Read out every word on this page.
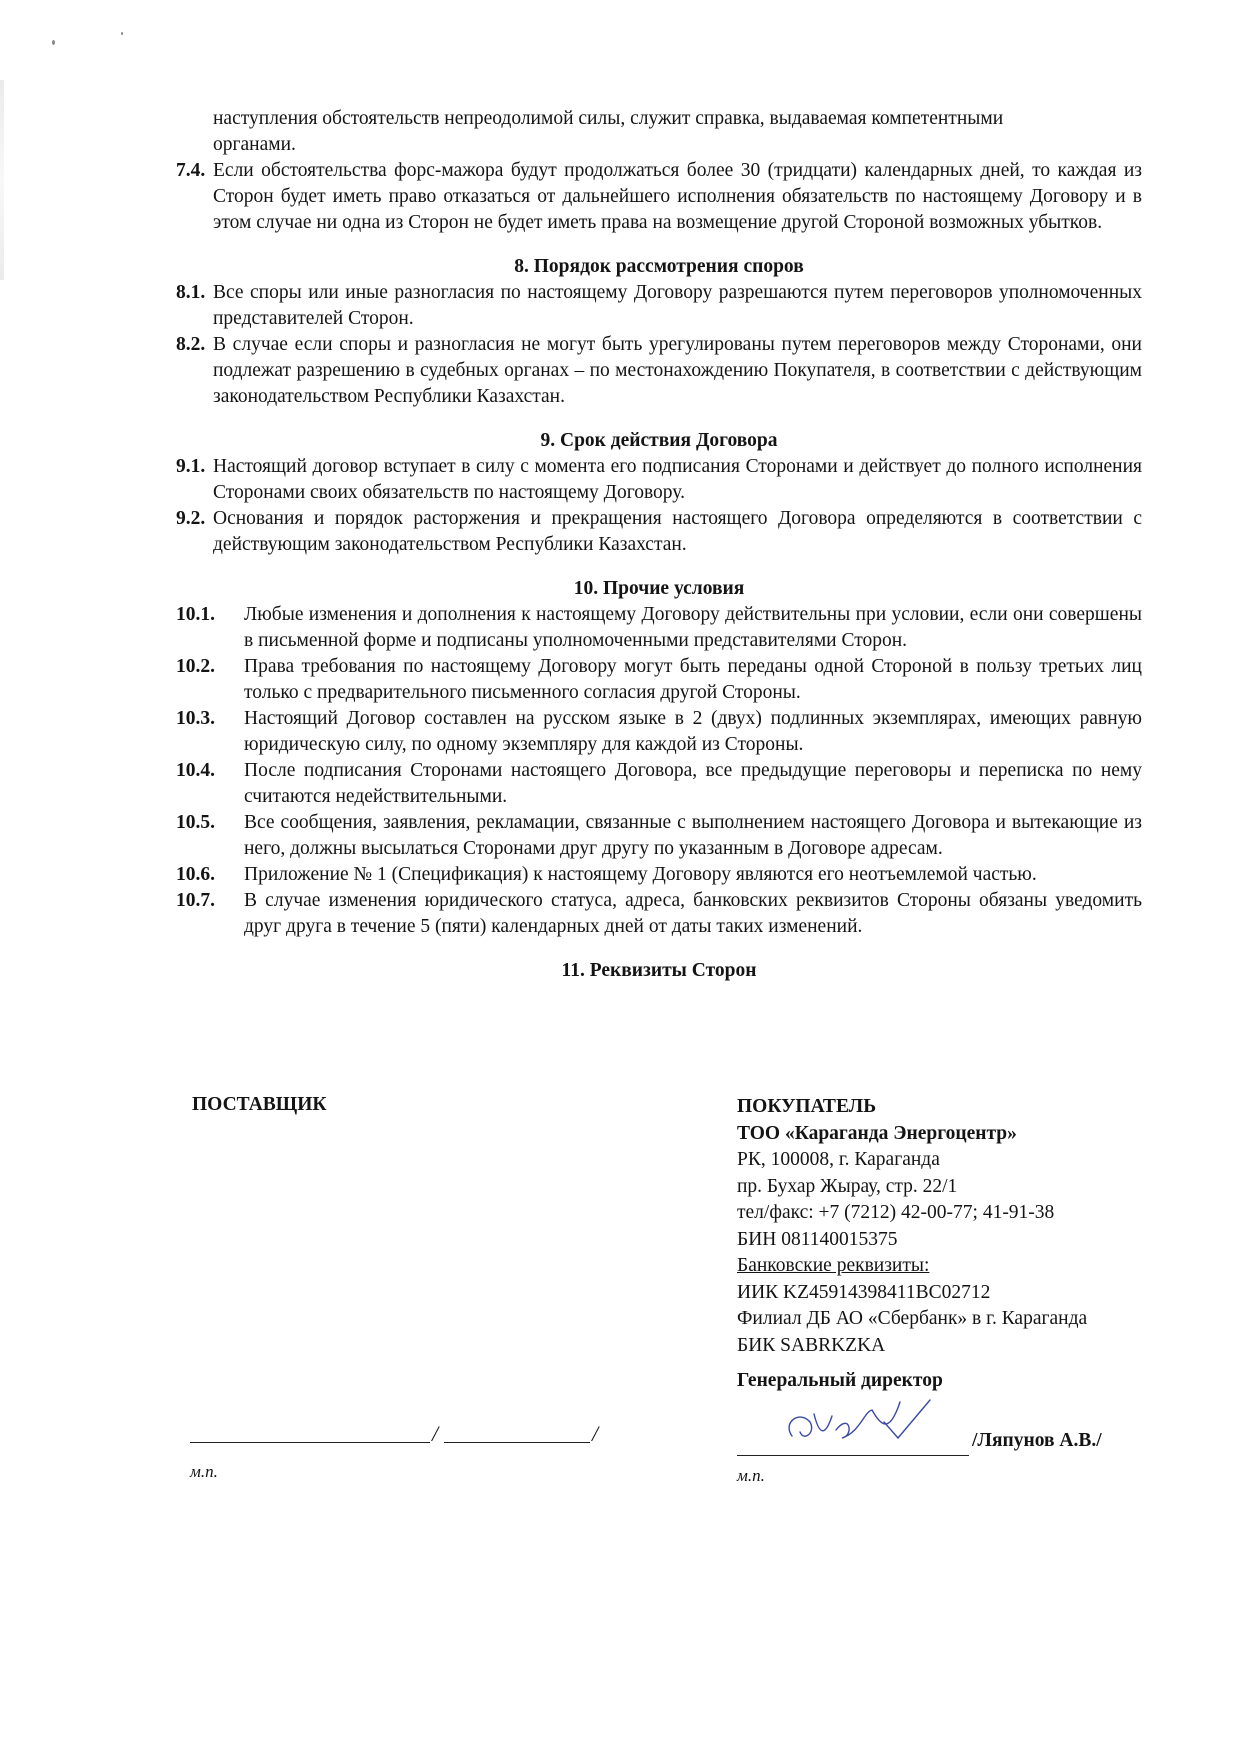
наступления обстоятельств непреодолимой силы, служит справка, выдаваемая компетентными
органами.
7.4. Если обстоятельства форс-мажора будут продолжаться более 30 (тридцати) календарных дней, то каждая из Сторон будет иметь право отказаться от дальнейшего исполнения обязательств по настоящему Договору и в этом случае ни одна из Сторон не будет иметь права на возмещение другой Стороной возможных убытков.
8. Порядок рассмотрения споров
8.1. Все споры или иные разногласия по настоящему Договору разрешаются путем переговоров уполномоченных представителей Сторон.
8.2. В случае если споры и разногласия не могут быть урегулированы путем переговоров между Сторонами, они подлежат разрешению в судебных органах – по местонахождению Покупателя, в соответствии с действующим законодательством Республики Казахстан.
9. Срок действия Договора
9.1. Настоящий договор вступает в силу с момента его подписания Сторонами и действует до полного исполнения Сторонами своих обязательств по настоящему Договору.
9.2. Основания и порядок расторжения и прекращения настоящего Договора определяются в соответствии с действующим законодательством Республики Казахстан.
10. Прочие условия
10.1.	Любые изменения и дополнения к настоящему Договору действительны при условии, если они совершены в письменной форме и подписаны уполномоченными представителями Сторон.
10.2.	Права требования по настоящему Договору могут быть переданы одной Стороной в пользу третьих лиц только с предварительного письменного согласия другой Стороны.
10.3.	Настоящий Договор составлен на русском языке в 2 (двух) подлинных экземплярах, имеющих равную юридическую силу, по одному экземпляру для каждой из Стороны.
10.4.	После подписания Сторонами настоящего Договора, все предыдущие переговоры и переписка по нему считаются недействительными.
10.5.	Все сообщения, заявления, рекламации, связанные с выполнением настоящего Договора и вытекающие из него, должны высылаться Сторонами друг другу по указанным в Договоре адресам.
10.6.	Приложение № 1 (Спецификация) к настоящему Договору являются его неотъемлемой частью.
10.7.	В случае изменения юридического статуса, адреса, банковских реквизитов Стороны обязаны уведомить друг друга в течение 5 (пяти) календарных дней от даты таких изменений.
11. Реквизиты Сторон
ПОСТАВЩИК	ПОКУПАТЕЛЬ
ТОО «Караганда Энергоцентр»
РК, 100008, г. Караганда
пр. Бухар Жырау, стр. 22/1
тел/факс: +7 (7212) 42-00-77; 41-91-38
БИН 081140015375
Банковские реквизиты:
ИИК KZ45914398411BC02712
Филиал ДБ АО «Сбербанк» в г. Караганда
БИК SABRKZKA
/	/
м.п.
Генеральный директор
/Ляпунов А.В./
м.п.
